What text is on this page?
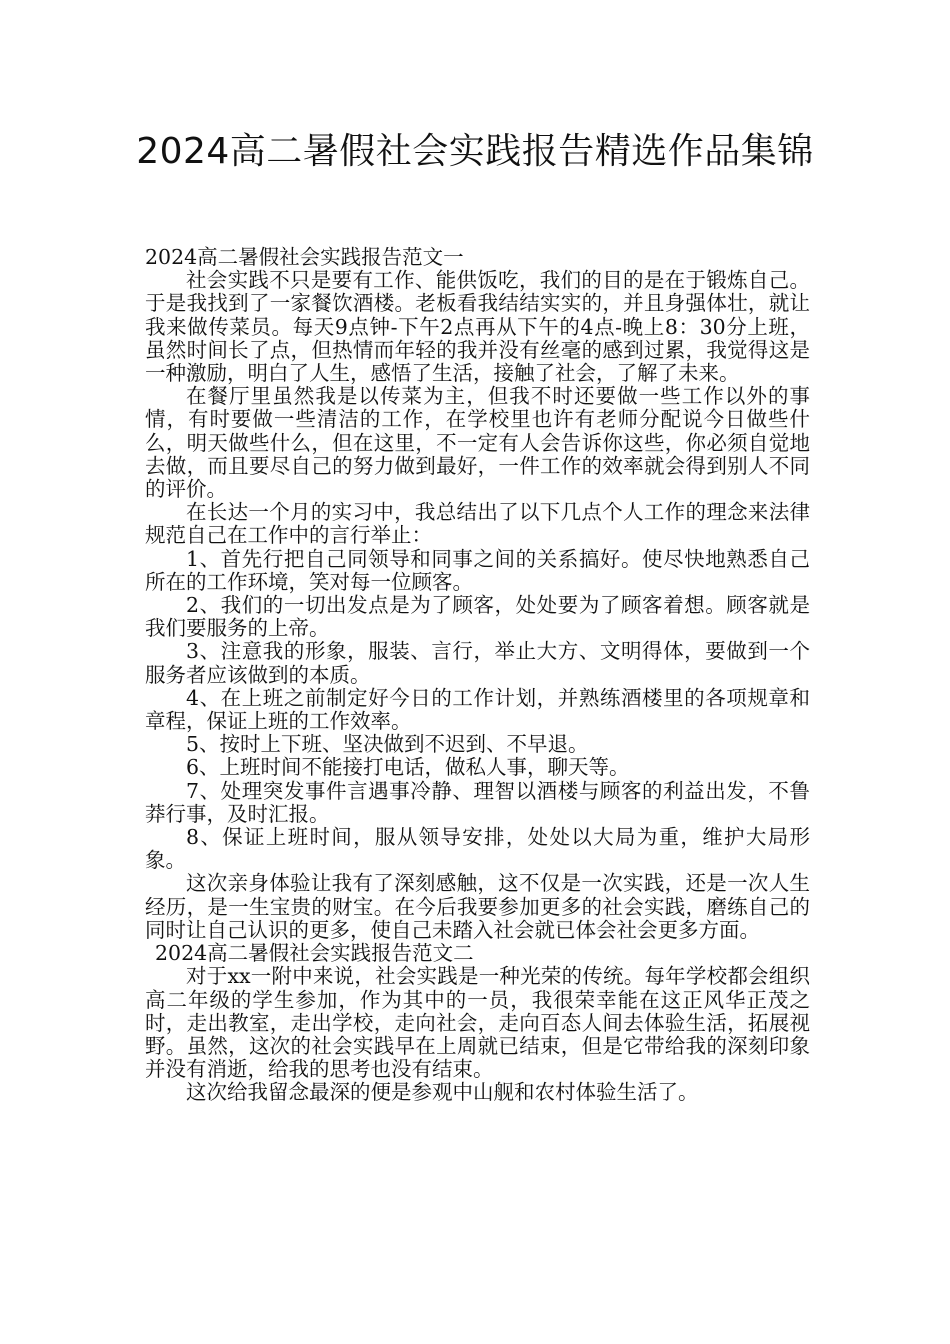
2024高二暑假社会实践报告精选作品集锦

2024高二暑假社会实践报告范文一

社会实践不只是要有工作、能供饭吃，我们的目的是在于锻炼自己。于是我找到了一家餐饮酒楼。老板看我结结实实的，并且身强体壮，就让我来做传菜员。每天9点钟-下午2点再从下午的4点-晚上8：30分上班，虽然时间长了点，但热情而年轻的我并没有丝毫的感到过累，我觉得这是一种激励，明白了人生，感悟了生活，接触了社会，了解了未来。

在餐厅里虽然我是以传菜为主，但我不时还要做一些工作以外的事情，有时要做一些清洁的工作，在学校里也许有老师分配说今日做些什么，明天做些什么，但在这里，不一定有人会告诉你这些，你必须自觉地去做，而且要尽自己的努力做到最好，一件工作的效率就会得到别人不同的评价。

在长达一个月的实习中，我总结出了以下几点个人工作的理念来法律规范自己在工作中的言行举止：

1、首先行把自己同领导和同事之间的关系搞好。使尽快地熟悉自己所在的工作环境，笑对每一位顾客。

2、我们的一切出发点是为了顾客，处处要为了顾客着想。顾客就是我们要服务的上帝。

3、注意我的形象，服装、言行，举止大方、文明得体，要做到一个服务者应该做到的本质。

4、在上班之前制定好今日的工作计划，并熟练酒楼里的各项规章和章程，保证上班的工作效率。

5、按时上下班、坚决做到不迟到、不早退。

6、上班时间不能接打电话，做私人事，聊天等。

7、处理突发事件言遇事冷静、理智以酒楼与顾客的利益出发，不鲁莽行事，及时汇报。

8、保证上班时间，服从领导安排，处处以大局为重，维护大局形象。

这次亲身体验让我有了深刻感触，这不仅是一次实践，还是一次人生经历，是一生宝贵的财宝。在今后我要参加更多的社会实践，磨练自己的同时让自己认识的更多，使自己未踏入社会就已体会社会更多方面。

2024高二暑假社会实践报告范文二

对于xx一附中来说，社会实践是一种光荣的传统。每年学校都会组织高二年级的学生参加，作为其中的一员，我很荣幸能在这正风华正茂之时，走出教室，走出学校，走向社会，走向百态人间去体验生活，拓展视野。虽然，这次的社会实践早在上周就已结束，但是它带给我的深刻印象并没有消逝，给我的思考也没有结束。

这次给我留念最深的便是参观中山舰和农村体验生活了。
